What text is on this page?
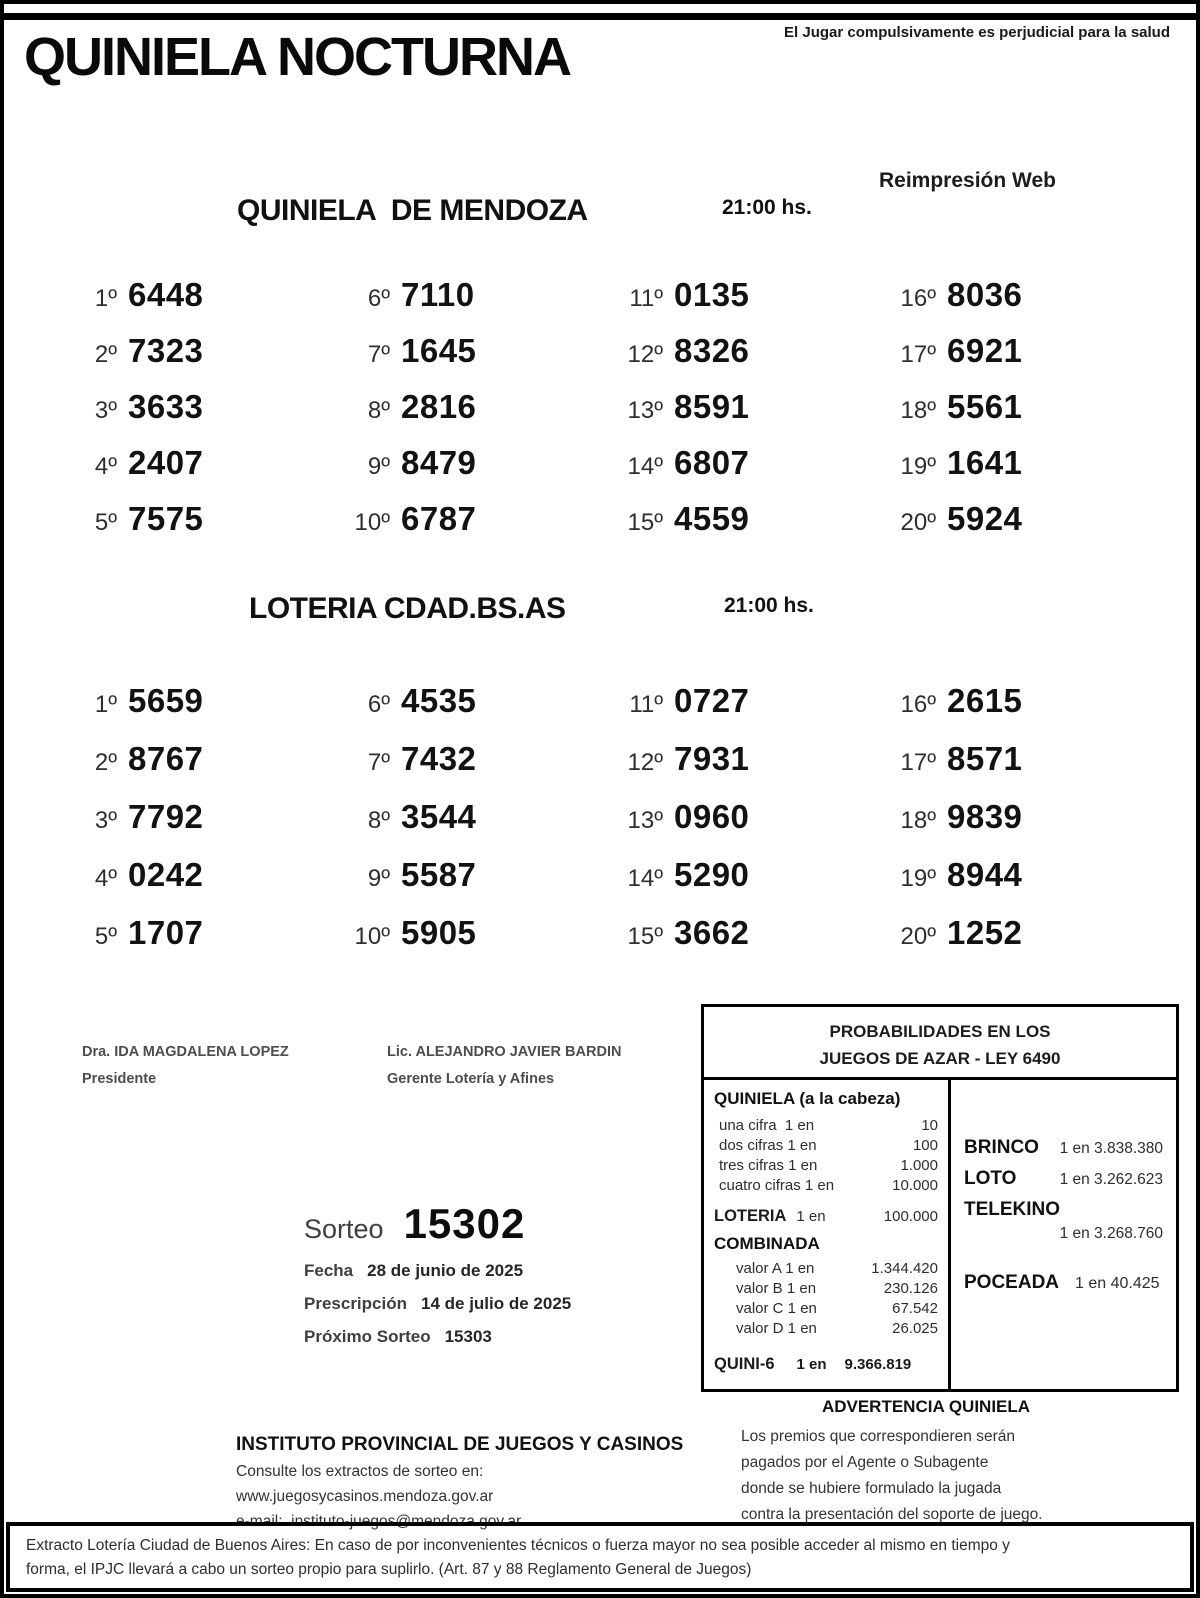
QUINIELA NOCTURNA	El Jugar compulsivamente es perjudicial para la salud
Reimpresión Web
QUINIELA  DE MENDOZA	21:00 hs.
1º 6448
2º 7323
3º 3633
4º 2407
5º 7575
6º 7110
7º 1645
8º 2816
9º 8479
10º 6787
11º 0135
12º 8326
13º 8591
14º 6807
15º 4559
16º 8036
17º 6921
18º 5561
19º 1641
20º 5924
LOTERIA CDAD.BS.AS	21:00 hs.
1º 5659
2º 8767
3º 7792
4º 0242
5º 1707
6º 4535
7º 7432
8º 3544
9º 5587
10º 5905
11º 0727
12º 7931
13º 0960
14º 5290
15º 3662
16º 2615
17º 8571
18º 9839
19º 8944
20º 1252
Dra. IDA MAGDALENA LOPEZ
Presidente
Lic. ALEJANDRO JAVIER BARDIN
Gerente Lotería y Afines
Sorteo 15302
Fecha 28 de junio de 2025
Prescripción 14 de julio de 2025
Próximo Sorteo 15303
PROBABILIDADES EN LOS
JUEGOS DE AZAR - LEY 6490
QUINIELA (a la cabeza)
una cifra  1 en	10
dos cifras 1 en	100
tres cifras 1 en	1.000
cuatro cifras 1 en	10.000
LOTERIA 1 en	100.000
COMBINADA
valor A 1 en	1.344.420
valor B 1 en	230.126
valor C 1 en	67.542
valor D 1 en	26.025
QUINI-6 1 en 9.366.819
BRINCO 1 en 3.838.380
LOTO	1 en 3.262.623
TELEKINO
1 en 3.268.760
POCEADA 1 en 40.425
ADVERTENCIA QUINIELA
Los premios que correspondieren serán
pagados por el Agente o Subagente
donde se hubiere formulado la jugada
contra la presentación del soporte de juego.
INSTITUTO PROVINCIAL DE JUEGOS Y CASINOS
Consulte los extractos de sorteo en:
www.juegosycasinos.mendoza.gov.ar
e-mail:  instituto-juegos@mendoza.gov.ar
Extracto Lotería Ciudad de Buenos Aires: En caso de por inconvenientes técnicos o fuerza mayor no sea posible acceder al mismo en tiempo y
forma, el IPJC llevará a cabo un sorteo propio para suplirlo. (Art. 87 y 88 Reglamento General de Juegos)
